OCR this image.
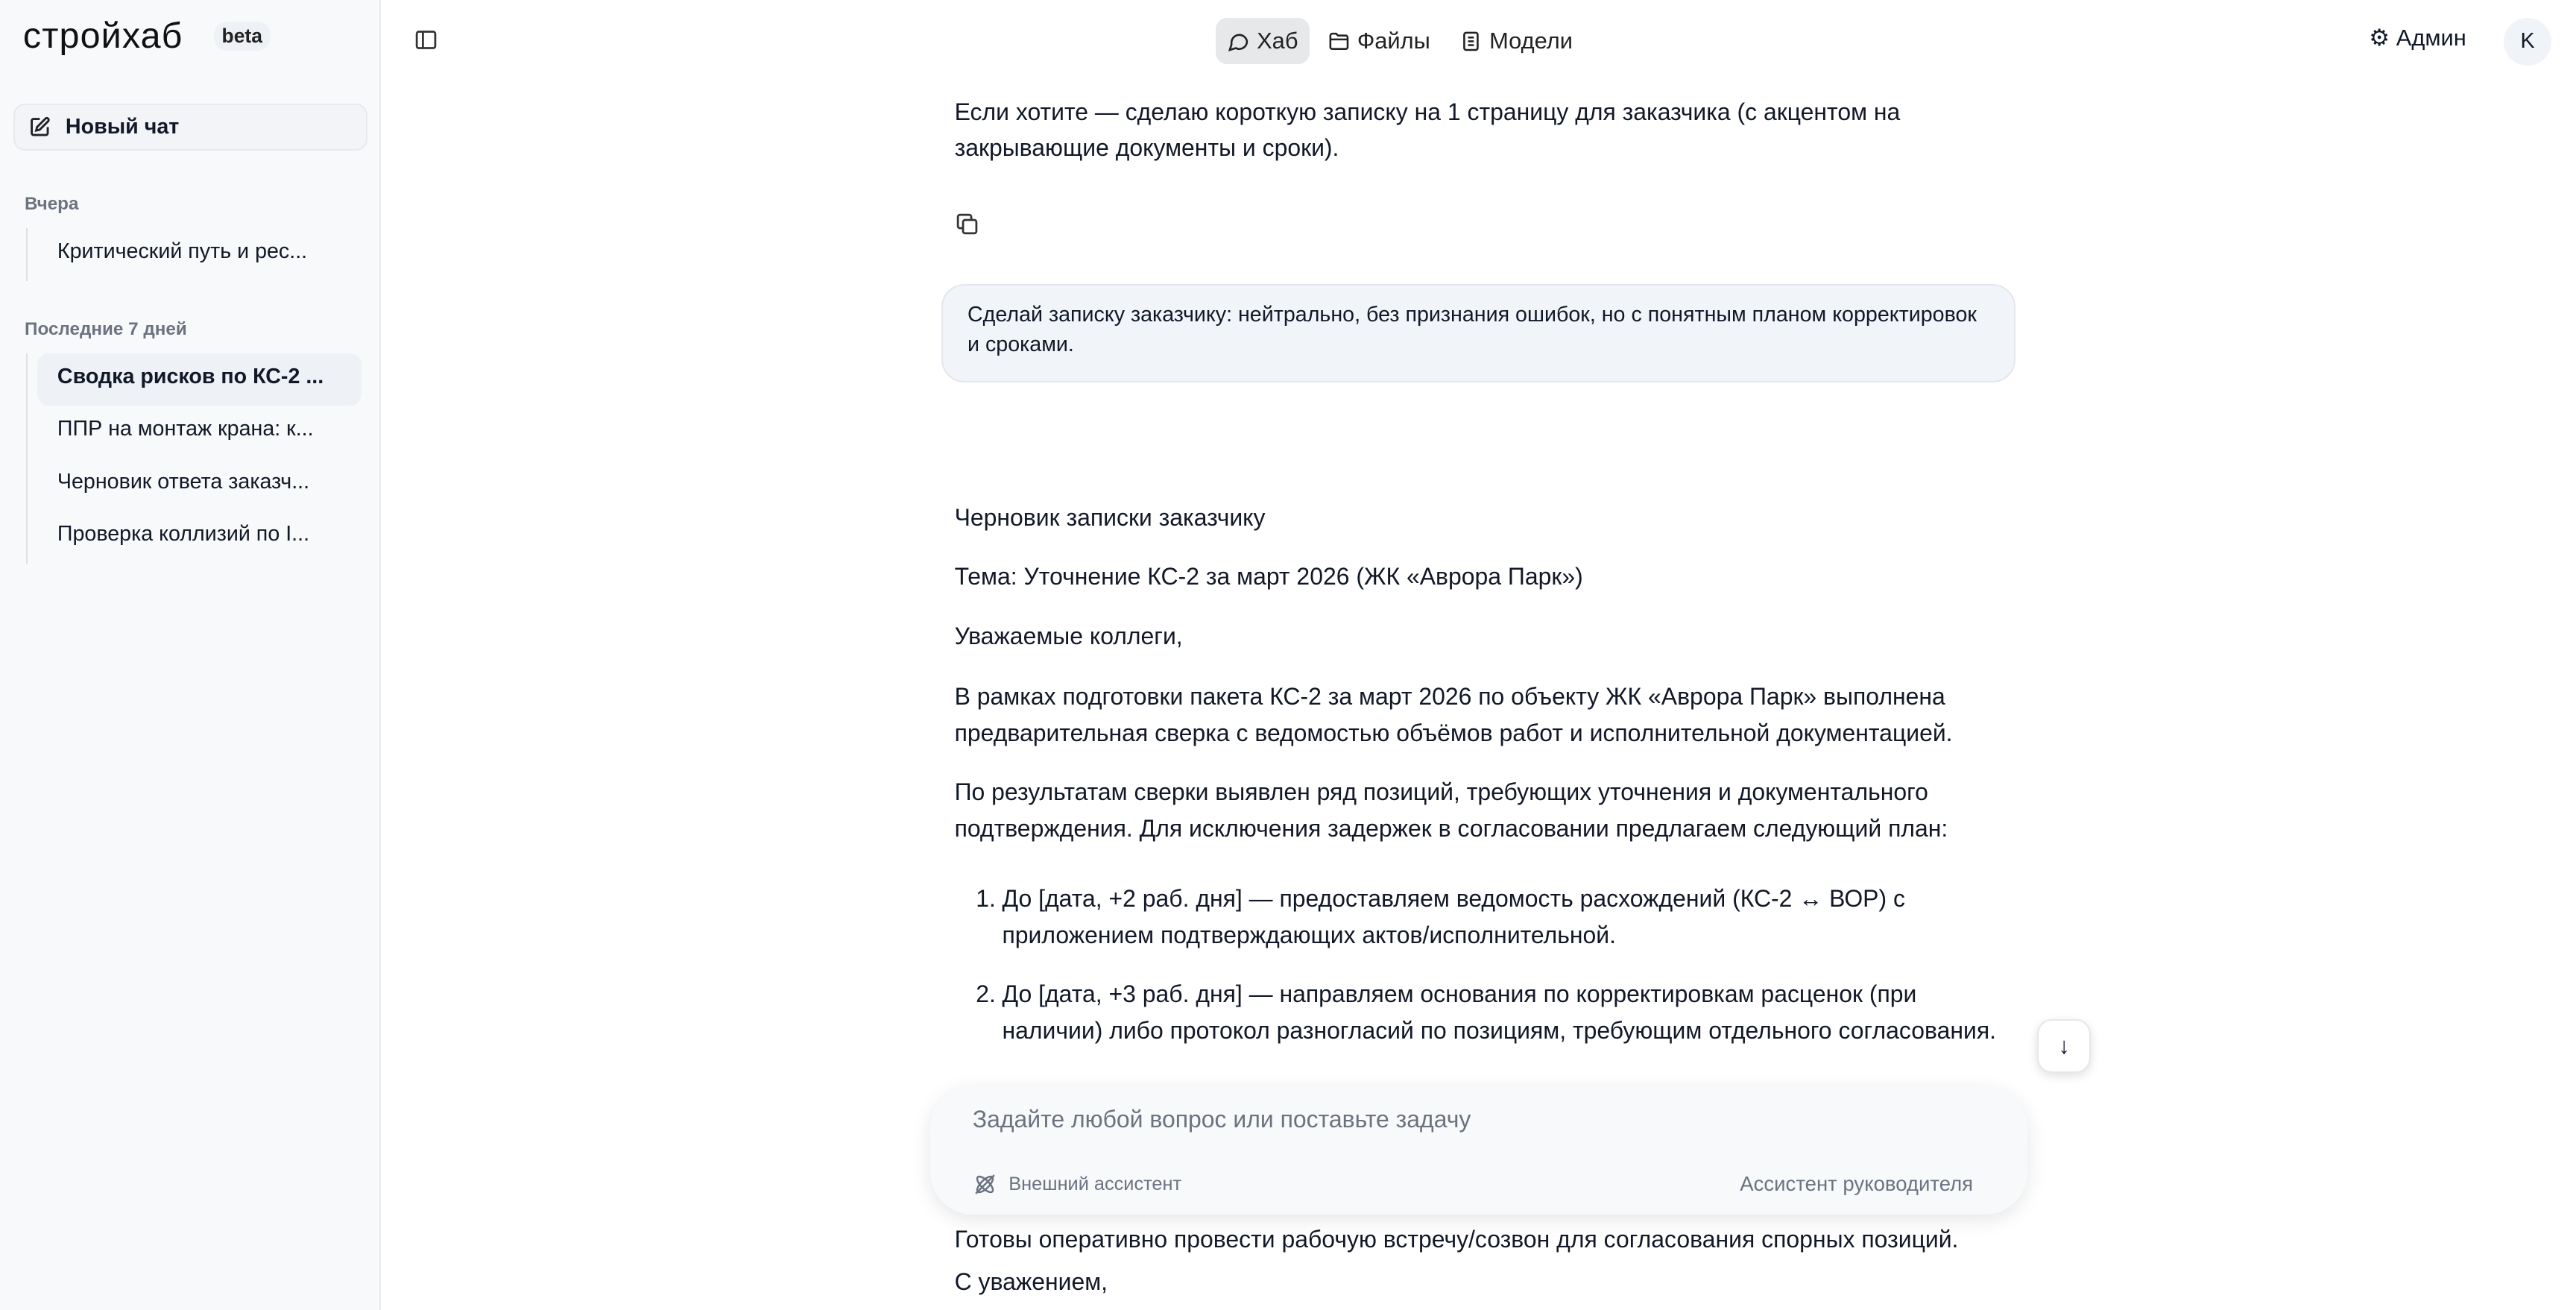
стройхаб	beta
Новый чат
Вчера
Критический путь и рес...
Последние 7 дней
Сводка рисков по КС-2 ...
ППР на монтаж крана: к...
Черновик ответа заказч...
Проверка коллизий по I...
Хаб	Файлы	Модели	⚙ Админ	K

Если хотите — сделаю короткую записку на 1 страницу для заказчика (с акцентом на закрывающие документы и сроки).

Сделай записку заказчику: нейтрально, без признания ошибок, но с понятным планом корректировок и сроками.

Черновик записки заказчику

Тема: Уточнение КС-2 за март 2026 (ЖК «Аврора Парк»)

Уважаемые коллеги,

В рамках подготовки пакета КС-2 за март 2026 по объекту ЖК «Аврора Парк» выполнена предварительная сверка с ведомостью объёмов работ и исполнительной документацией.

По результатам сверки выявлен ряд позиций, требующих уточнения и документального подтверждения. Для исключения задержек в согласовании предлагаем следующий план:

1. До [дата, +2 раб. дня] — предоставляем ведомость расхождений (КС-2 ↔ ВОР) с приложением подтверждающих актов/исполнительной.
2. До [дата, +3 раб. дня] — направляем основания по корректировкам расценок (при наличии) либо протокол разногласий по позициям, требующим отдельного согласования.

Готовы оперативно провести рабочую встречу/созвон для согласования спорных позиций.

С уважением,

↓
Задайте любой вопрос или поставьте задачу
Внешний ассистент	Ассистент руководителя
